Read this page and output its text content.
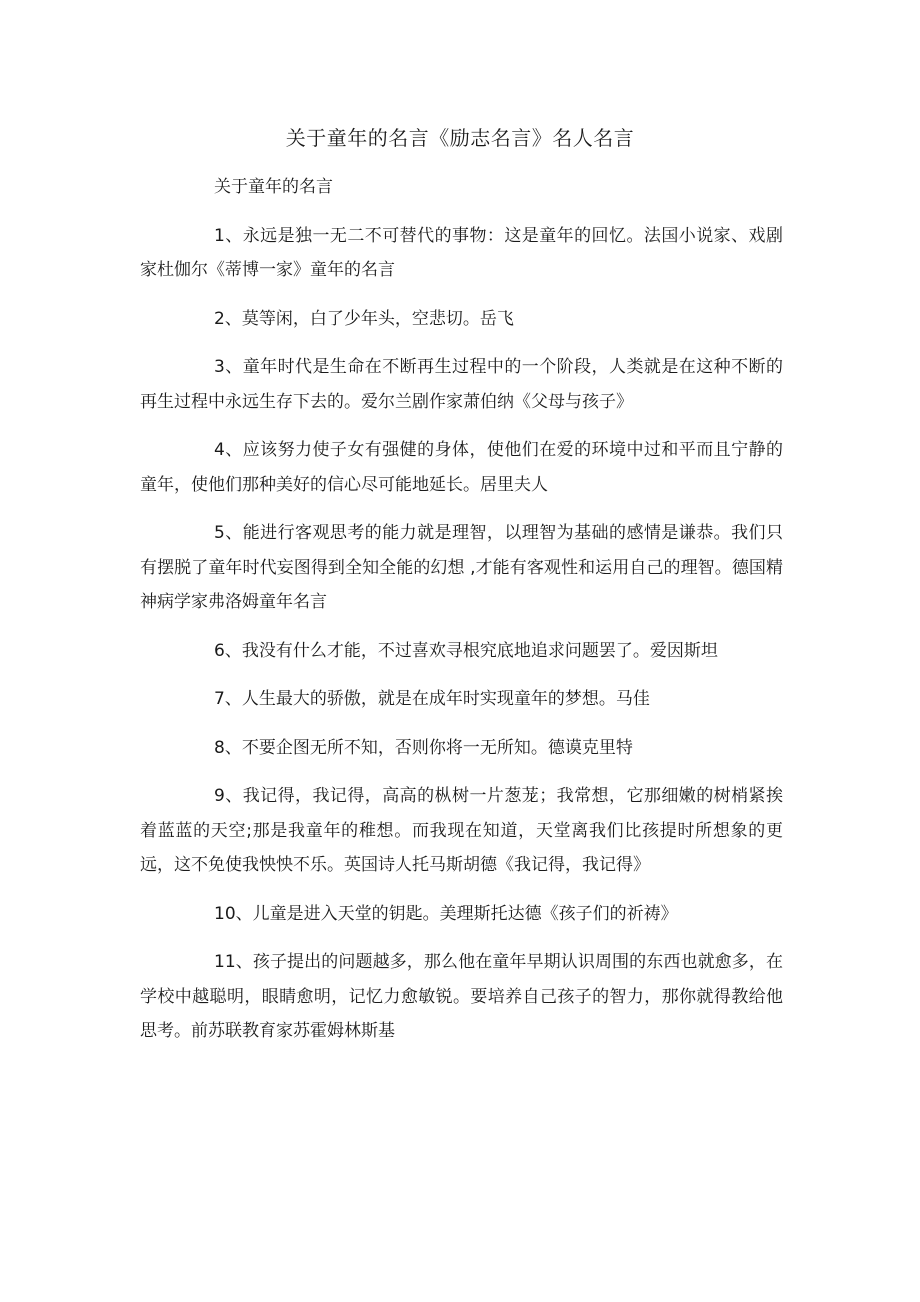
关于童年的名言《励志名言》名人名言

关于童年的名言

1、永远是独一无二不可替代的事物：这是童年的回忆。法国小说家、戏剧家杜伽尔《蒂博一家》童年的名言

2、莫等闲，白了少年头，空悲切。岳飞

3、童年时代是生命在不断再生过程中的一个阶段，人类就是在这种不断的再生过程中永远生存下去的。爱尔兰剧作家萧伯纳《父母与孩子》

4、应该努力使子女有强健的身体，使他们在爱的环境中过和平而且宁静的童年，使他们那种美好的信心尽可能地延长。居里夫人

5、能进行客观思考的能力就是理智，以理智为基础的感情是谦恭。我们只有摆脱了童年时代妄图得到全知全能的幻想 ,才能有客观性和运用自己的理智。德国精神病学家弗洛姆童年名言

6、我没有什么才能，不过喜欢寻根究底地追求问题罢了。爱因斯坦

7、人生最大的骄傲，就是在成年时实现童年的梦想。马佳

8、不要企图无所不知，否则你将一无所知。德谟克里特

9、我记得，我记得，高高的枞树一片葱茏；我常想，它那细嫩的树梢紧挨着蓝蓝的天空;那是我童年的稚想。而我现在知道，天堂离我们比孩提时所想象的更远，这不免使我怏怏不乐。英国诗人托马斯胡德《我记得，我记得》

10、儿童是进入天堂的钥匙。美理斯托达德《孩子们的祈祷》

11、孩子提出的问题越多，那么他在童年早期认识周围的东西也就愈多，在学校中越聪明，眼睛愈明，记忆力愈敏锐。要培养自己孩子的智力，那你就得教给他思考。前苏联教育家苏霍姆林斯基
